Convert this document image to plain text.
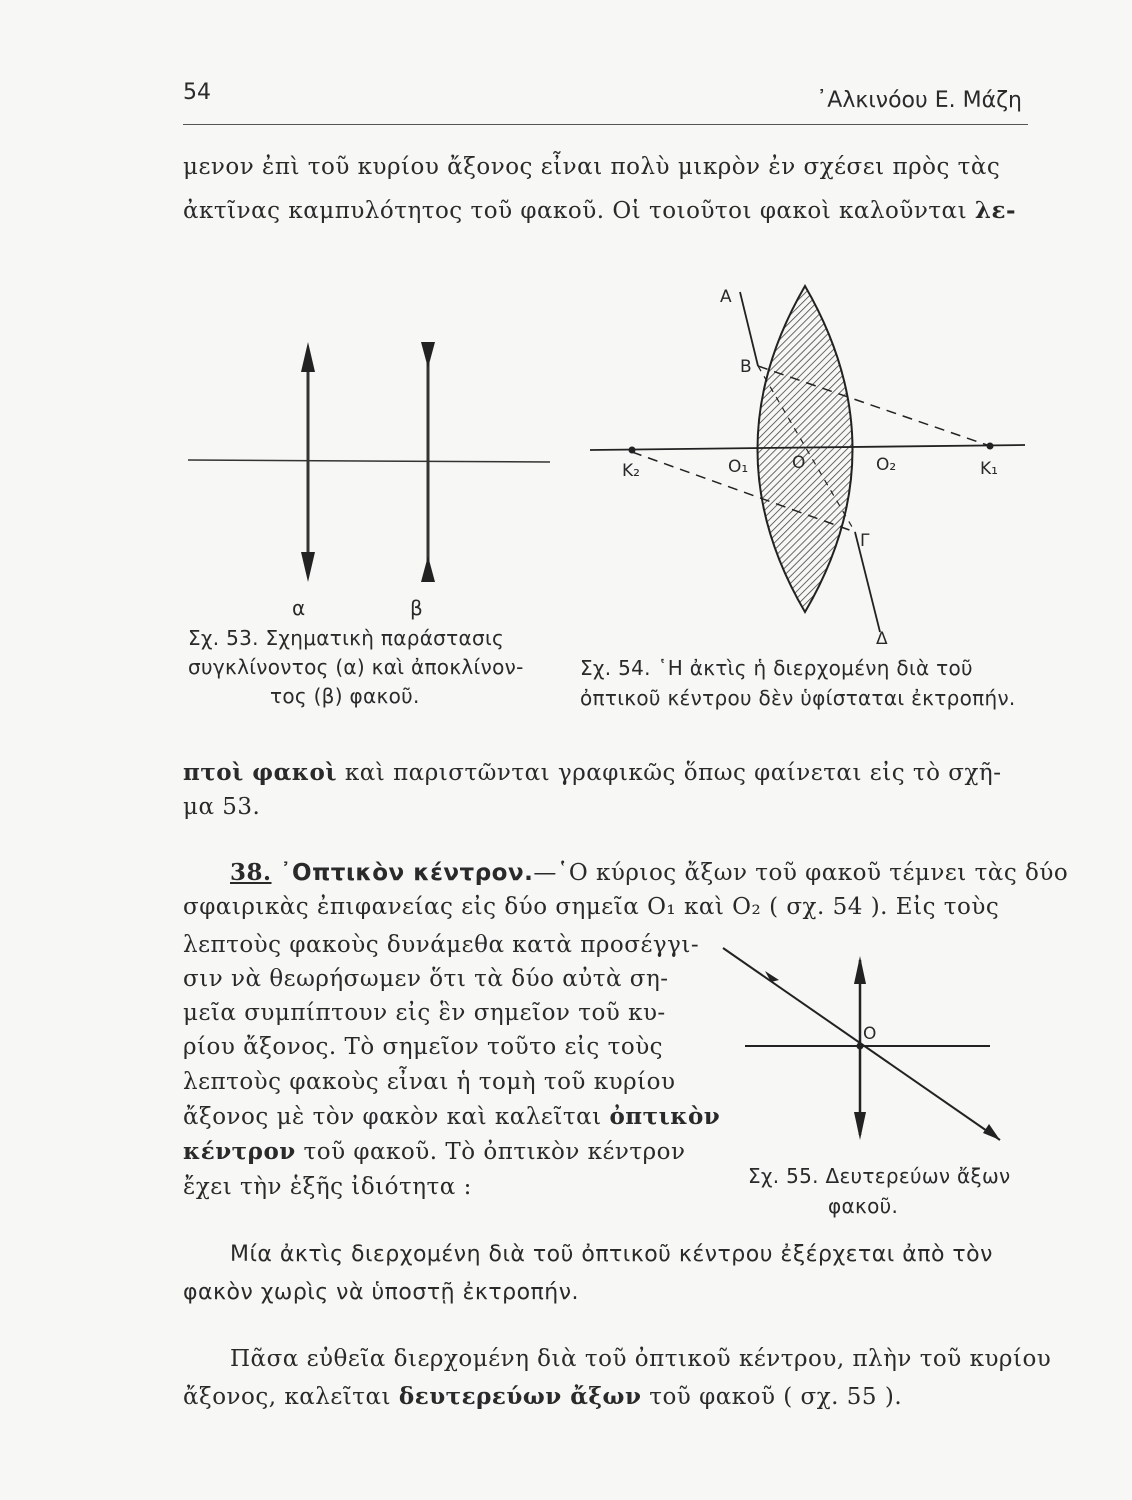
54	᾿Αλκινόου Ε. Μάζη
μενον ἐπὶ τοῦ κυρίου ἄξονος εἶναι πολὺ μικρὸν ἐν σχέσει πρὸς τὰς
ἀκτῖνας καμπυλότητος τοῦ φακοῦ. Οἱ τοιοῦτοι φακοὶ καλοῦνται λε-
α	β
Σχ. 53. Σχηματικὴ παράστασις
συγκλίνοντος (α) καὶ ἀποκλίνον-
τος (β) φακοῦ.
A
B
K₂	O₁	O	O₂	K₁
Γ
Δ
Σχ. 54. ῾Η ἀκτὶς ἡ διερχομένη διὰ τοῦ
ὀπτικοῦ κέντρου δὲν ὑφίσταται ἐκτροπήν.
πτοὶ φακοὶ καὶ παριστῶνται γραφικῶς ὅπως φαίνεται εἰς τὸ σχῆ-
μα 53.
38. ᾿Οπτικὸν κέντρον.—῾Ο κύριος ἄξων τοῦ φακοῦ τέμνει τὰς δύο
σφαιρικὰς ἐπιφανείας εἰς δύο σημεῖα O₁ καὶ O₂ ( σχ. 54 ). Εἰς τοὺς
λεπτοὺς φακοὺς δυνάμεθα κατὰ προσέγγι-
σιν νὰ θεωρήσωμεν ὅτι τὰ δύο αὐτὰ ση-
μεῖα συμπίπτουν εἰς ἓν σημεῖον τοῦ κυ-
ρίου ἄξονος. Τὸ σημεῖον τοῦτο εἰς τοὺς
λεπτοὺς φακοὺς εἶναι ἡ τομὴ τοῦ κυρίου
ἄξονος μὲ τὸν φακὸν καὶ καλεῖται ὀπτικὸν
κέντρον τοῦ φακοῦ. Τὸ ὀπτικὸν κέντρον
ἔχει τὴν ἑξῆς ἰδιότητα :
O
Σχ. 55. Δευτερεύων ἄξων
φακοῦ.
Μία ἀκτὶς διερχομένη διὰ τοῦ ὀπτικοῦ κέντρου ἐξέρχεται ἀπὸ τὸν
φακὸν χωρὶς νὰ ὑποστῇ ἐκτροπήν.
Πᾶσα εὐθεῖα διερχομένη διὰ τοῦ ὀπτικοῦ κέντρου, πλὴν τοῦ κυρίου
ἄξονος, καλεῖται δευτερεύων ἄξων τοῦ φακοῦ ( σχ. 55 ).
